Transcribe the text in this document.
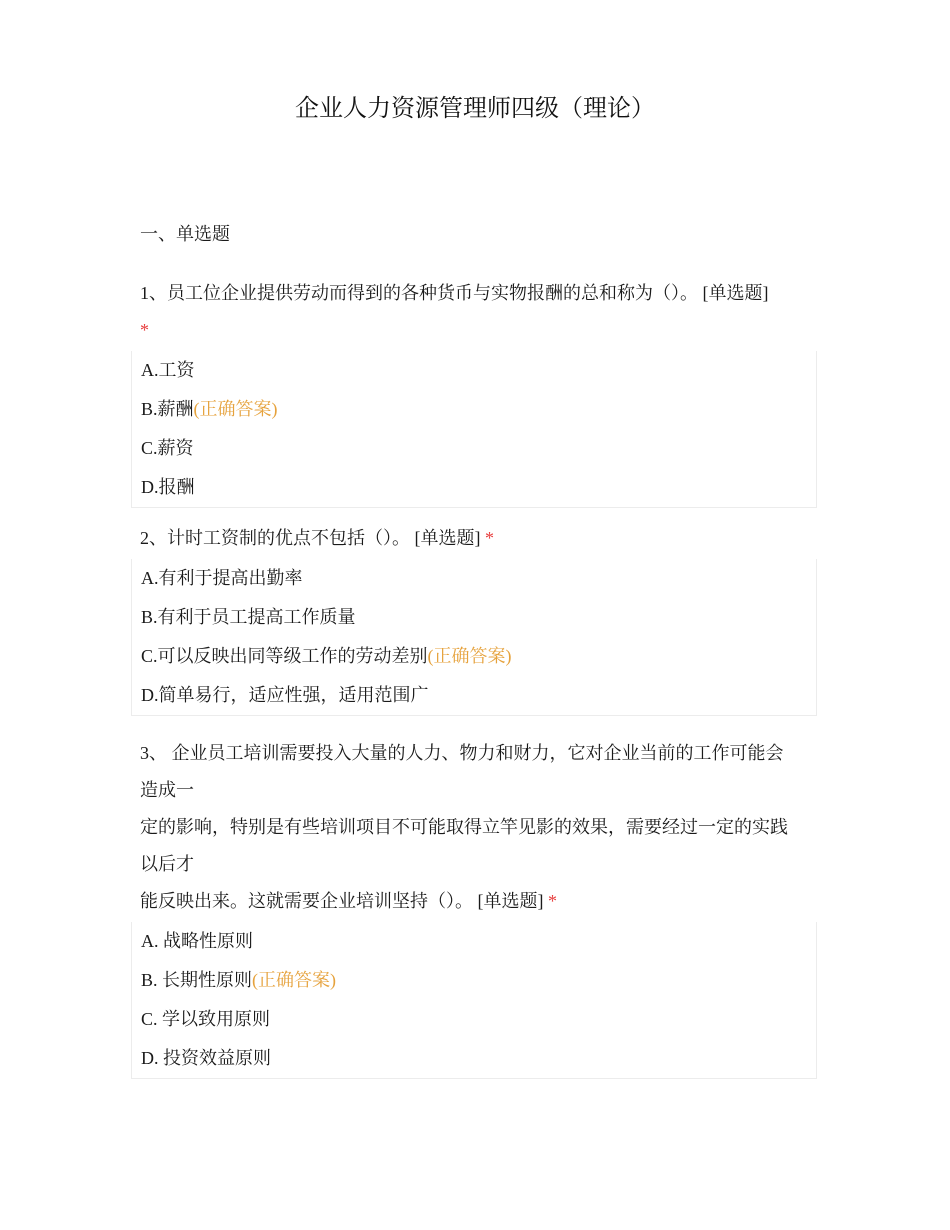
企业人力资源管理师四级（理论）
一、单选题

1、员工位企业提供劳动而得到的各种货币与实物报酬的总和称为（）。 [单选题]
*

A.工资
B.薪酬(正确答案)
C.薪资
D.报酬

2、计时工资制的优点不包括（）。 [单选题] *

A.有利于提高出勤率
B.有利于员工提高工作质量
C.可以反映出同等级工作的劳动差别(正确答案)
D.简单易行，适应性强，适用范围广

3、 企业员工培训需要投入大量的人力、物力和财力，它对企业当前的工作可能会
造成一
定的影响，特别是有些培训项目不可能取得立竿见影的效果，需要经过一定的实践
以后才
能反映出来。这就需要企业培训坚持（）。 [单选题] *

A. 战略性原则
B. 长期性原则(正确答案)
C. 学以致用原则
D. 投资效益原则
